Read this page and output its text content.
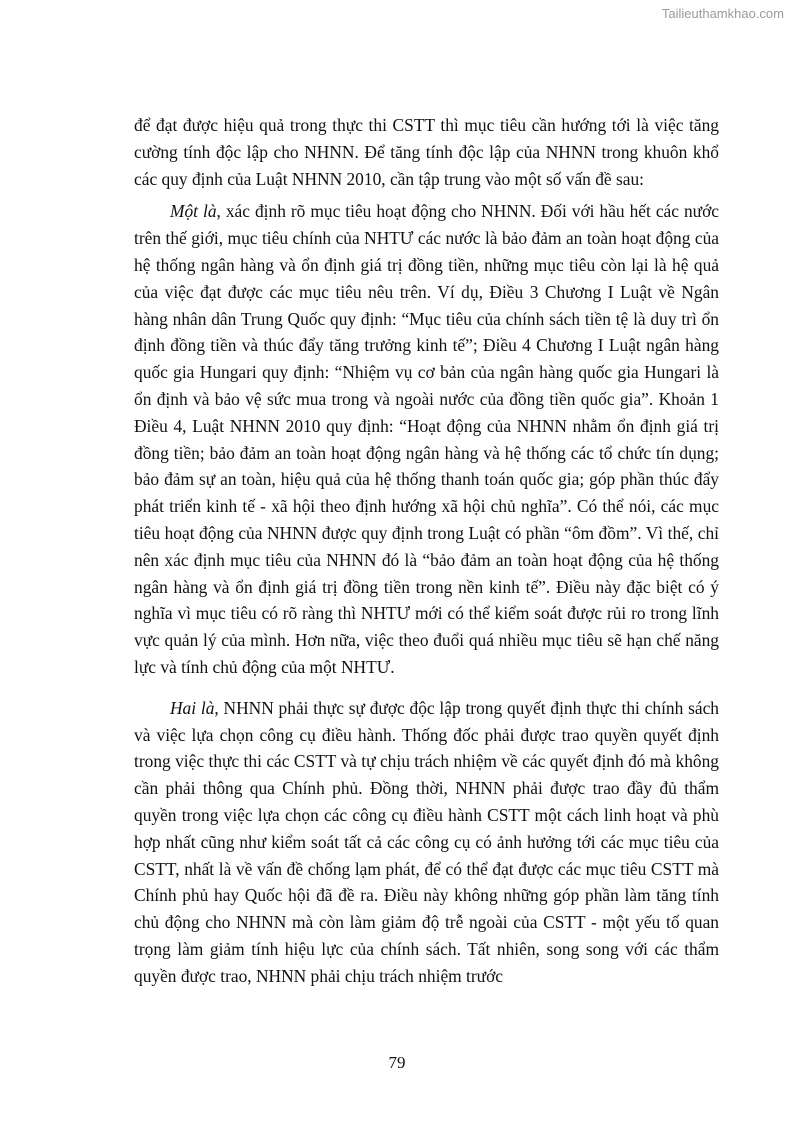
Tailieuthamkhao.com

để đạt được hiệu quả trong thực thi CSTT thì mục tiêu cần hướng tới là việc tăng cường tính độc lập cho NHNN. Để tăng tính độc lập của NHNN trong khuôn khổ các quy định của Luật NHNN 2010, cần tập trung vào một số vấn đề sau:

Một là, xác định rõ mục tiêu hoạt động cho NHNN. Đối với hầu hết các nước trên thế giới, mục tiêu chính của NHTƯ các nước là bảo đảm an toàn hoạt động của hệ thống ngân hàng và ổn định giá trị đồng tiền, những mục tiêu còn lại là hệ quả của việc đạt được các mục tiêu nêu trên. Ví dụ, Điều 3 Chương I Luật về Ngân hàng nhân dân Trung Quốc quy định: “Mục tiêu của chính sách tiền tệ là duy trì ổn định đồng tiền và thúc đẩy tăng trưởng kinh tế”; Điều 4 Chương I Luật ngân hàng quốc gia Hungari quy định: “Nhiệm vụ cơ bản của ngân hàng quốc gia Hungari là ổn định và bảo vệ sức mua trong và ngoài nước của đồng tiền quốc gia”. Khoản 1 Điều 4, Luật NHNN 2010 quy định: “Hoạt động của NHNN nhằm ổn định giá trị đồng tiền; bảo đảm an toàn hoạt động ngân hàng và hệ thống các tổ chức tín dụng; bảo đảm sự an toàn, hiệu quả của hệ thống thanh toán quốc gia; góp phần thúc đẩy phát triển kinh tế - xã hội theo định hướng xã hội chủ nghĩa”. Có thể nói, các mục tiêu hoạt động của NHNN được quy định trong Luật có phần “ôm đồm”. Vì thế, chỉ nên xác định mục tiêu của NHNN đó là “bảo đảm an toàn hoạt động của hệ thống ngân hàng và ổn định giá trị đồng tiền trong nền kinh tế”. Điều này đặc biệt có ý nghĩa vì mục tiêu có rõ ràng thì NHTƯ mới có thể kiểm soát được rủi ro trong lĩnh vực quản lý của mình. Hơn nữa, việc theo đuổi quá nhiều mục tiêu sẽ hạn chế năng lực và tính chủ động của một NHTƯ.

Hai là, NHNN phải thực sự được độc lập trong quyết định thực thi chính sách và việc lựa chọn công cụ điều hành. Thống đốc phải được trao quyền quyết định trong việc thực thi các CSTT và tự chịu trách nhiệm về các quyết định đó mà không cần phải thông qua Chính phủ. Đồng thời, NHNN phải được trao đầy đủ thẩm quyền trong việc lựa chọn các công cụ điều hành CSTT một cách linh hoạt và phù hợp nhất cũng như kiểm soát tất cả các công cụ có ảnh hưởng tới các mục tiêu của CSTT, nhất là về vấn đề chống lạm phát, để có thể đạt được các mục tiêu CSTT mà Chính phủ hay Quốc hội đã đề ra. Điều này không những góp phần làm tăng tính chủ động cho NHNN mà còn làm giảm độ trễ ngoài của CSTT - một yếu tố quan trọng làm giảm tính hiệu lực của chính sách. Tất nhiên, song song với các thẩm quyền được trao, NHNN phải chịu trách nhiệm trước

79
